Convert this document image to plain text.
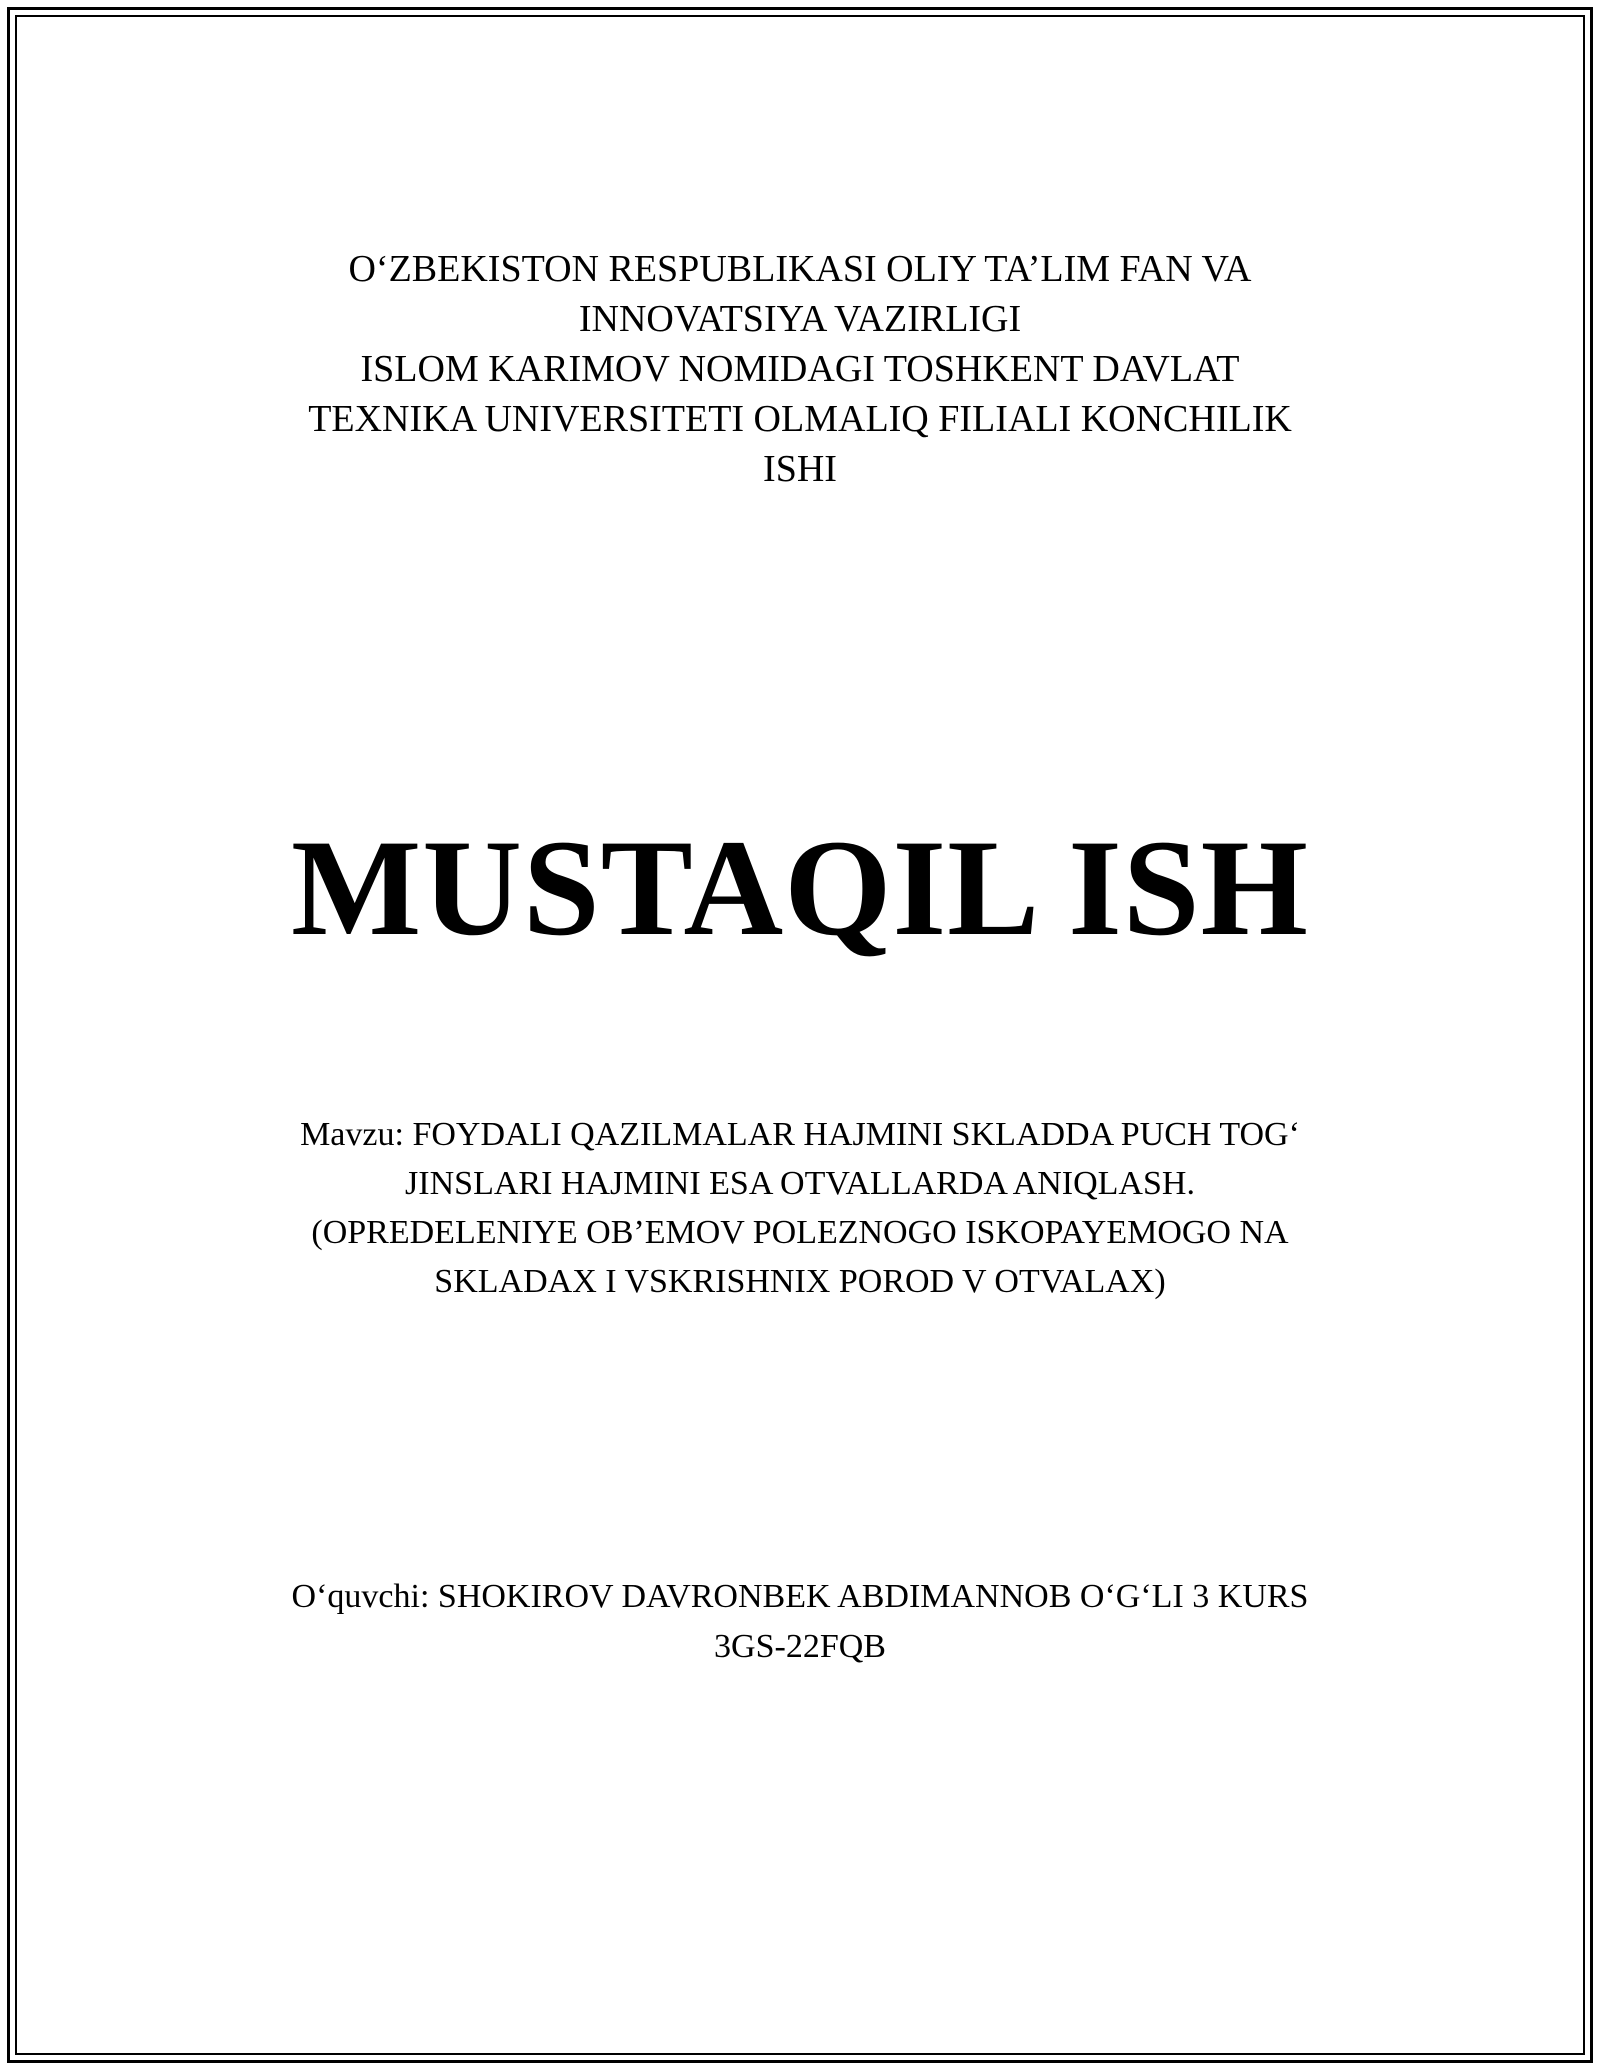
O‘ZBEKISTON RESPUBLIKASI OLIY TA’LIM FAN VA
INNOVATSIYA VAZIRLIGI
ISLOM KARIMOV NOMIDAGI TOSHKENT DAVLAT
TEXNIKA UNIVERSITETI OLMALIQ FILIALI KONCHILIK
ISHI
MUSTAQIL ISH
Mavzu: FOYDALI QAZILMALAR HAJMINI SKLADDA PUCH TOG‘
JINSLARI HAJMINI ESA OTVALLARDA ANIQLASH.
(OPREDELENIYE OB’EMOV POLEZNOGO ISKOPAYEMOGO NA
SKLADAX I VSKRISHNIX POROD V OTVALAX)
O‘quvchi: SHOKIROV DAVRONBEK ABDIMANNOB O‘G‘LI 3 KURS
3GS-22FQB
